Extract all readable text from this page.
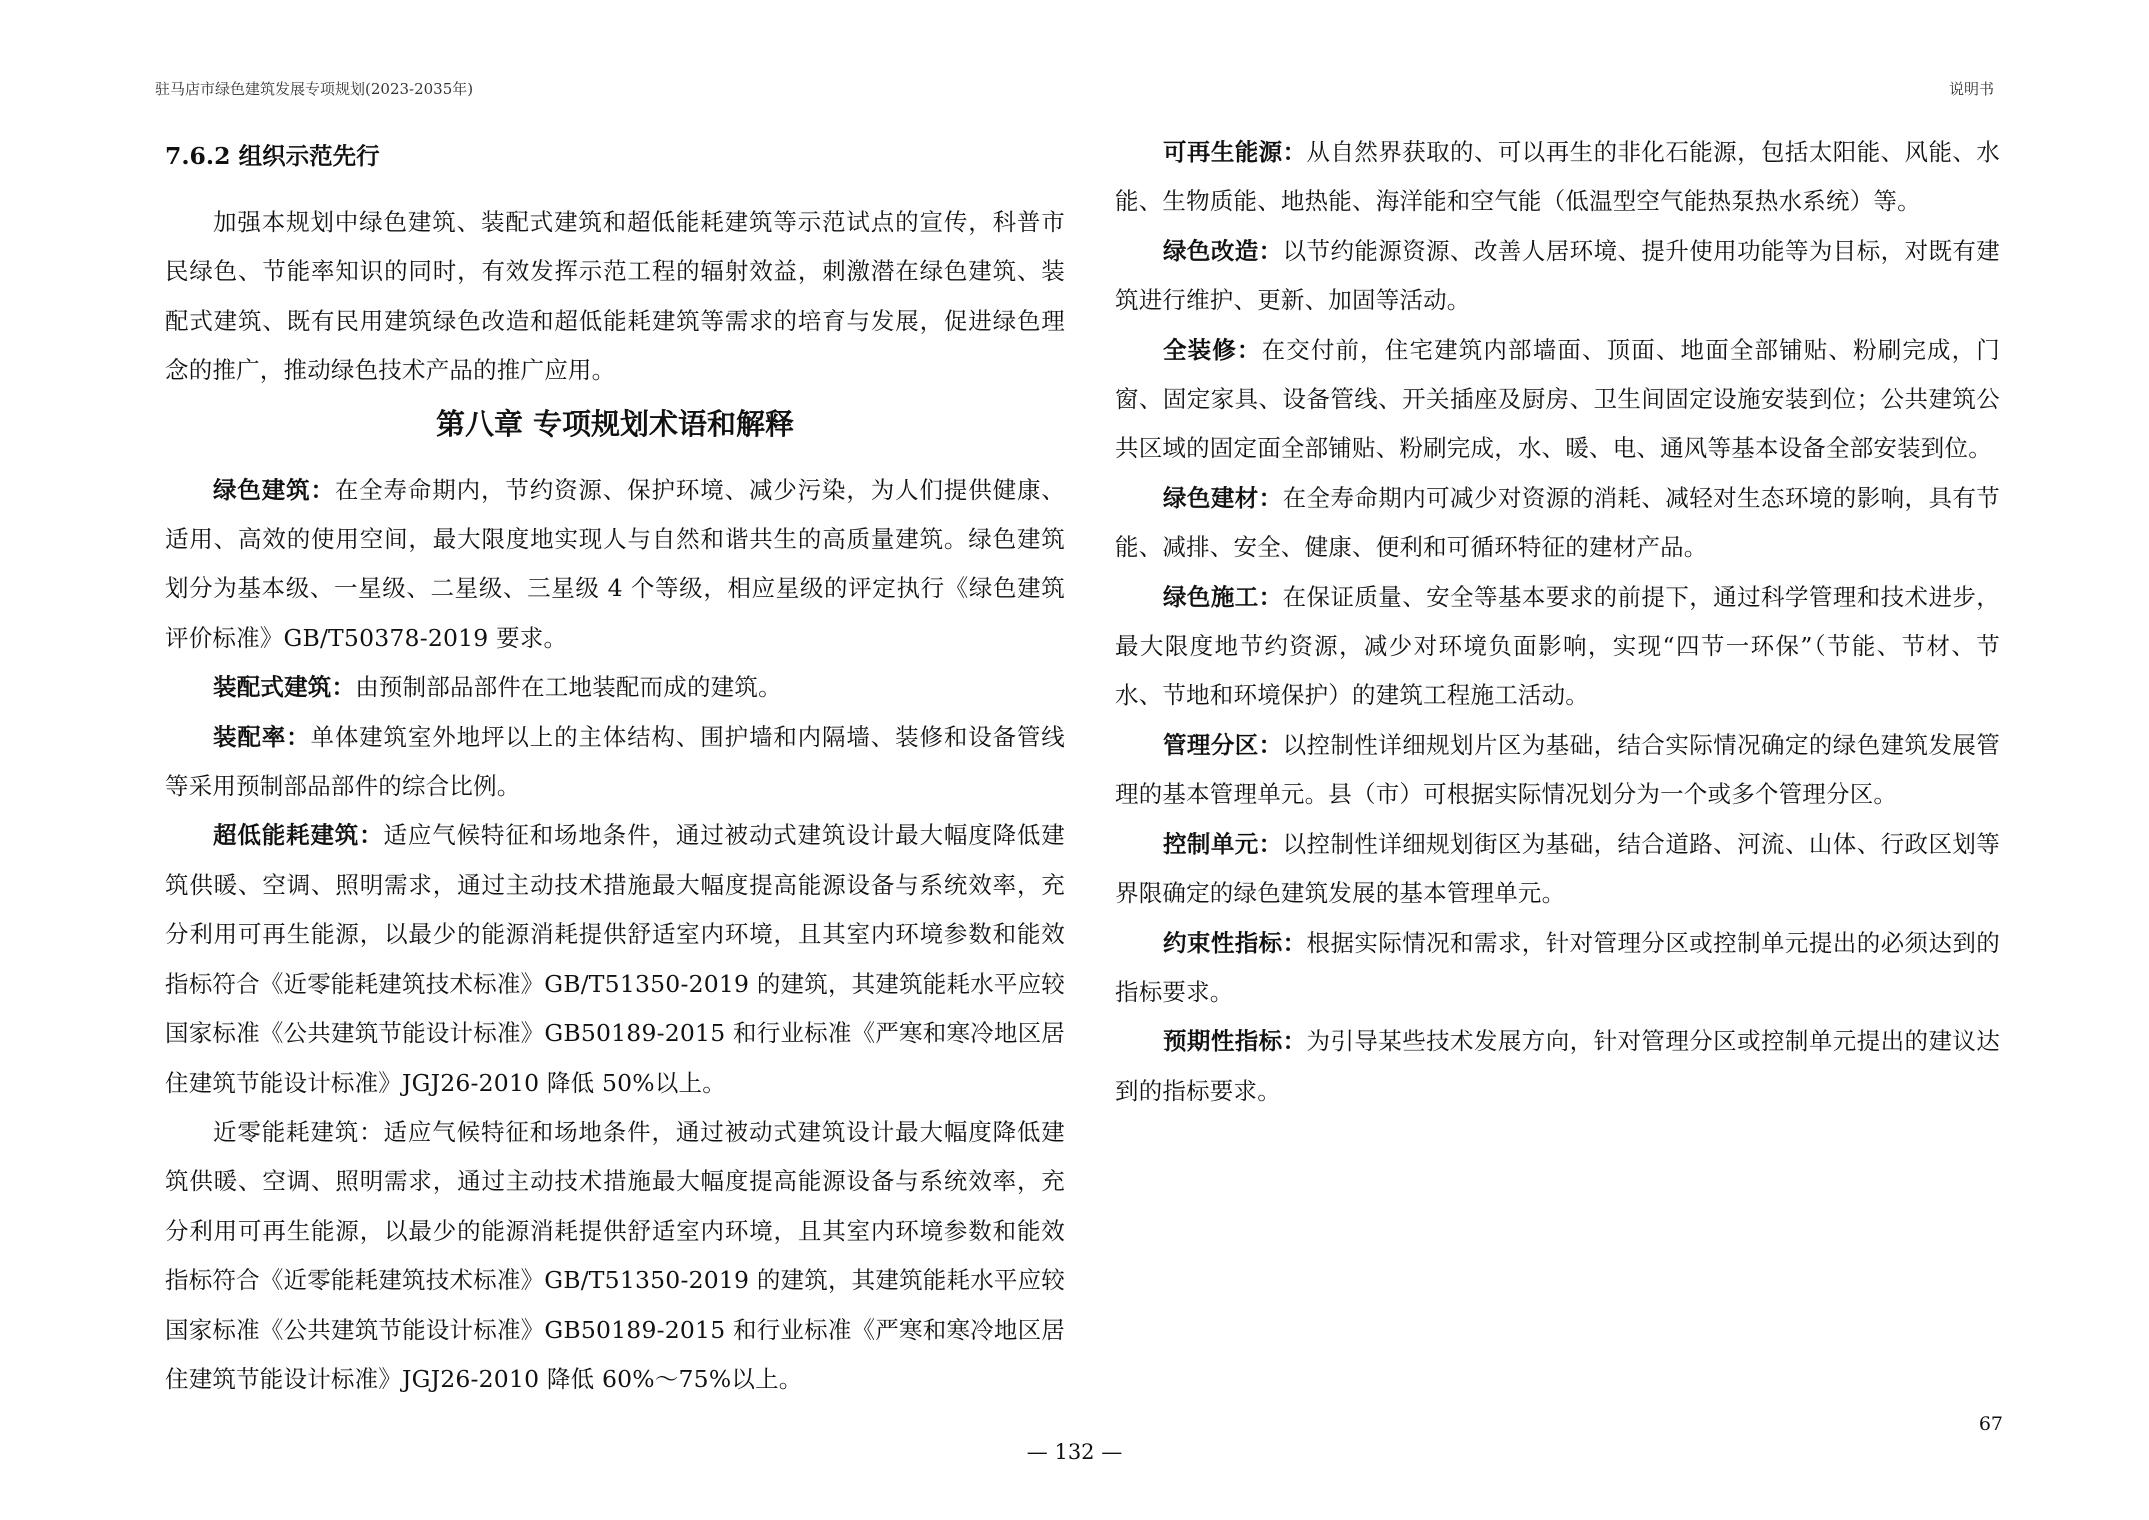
驻马店市绿色建筑发展专项规划(2023-2035年)	说明书
7.6.2 组织示范先行

加强本规划中绿色建筑、装配式建筑和超低能耗建筑等示范试点的宣传，科普市民绿色、节能率知识的同时，有效发挥示范工程的辐射效益，刺激潜在绿色建筑、装配式建筑、既有民用建筑绿色改造和超低能耗建筑等需求的培育与发展，促进绿色理念的推广，推动绿色技术产品的推广应用。

第八章 专项规划术语和解释

绿色建筑：在全寿命期内，节约资源、保护环境、减少污染，为人们提供健康、适用、高效的使用空间，最大限度地实现人与自然和谐共生的高质量建筑。绿色建筑划分为基本级、一星级、二星级、三星级 4 个等级，相应星级的评定执行《绿色建筑评价标准》GB/T50378-2019 要求。

装配式建筑：由预制部品部件在工地装配而成的建筑。

装配率：单体建筑室外地坪以上的主体结构、围护墙和内隔墙、装修和设备管线等采用预制部品部件的综合比例。

超低能耗建筑：适应气候特征和场地条件，通过被动式建筑设计最大幅度降低建筑供暖、空调、照明需求，通过主动技术措施最大幅度提高能源设备与系统效率，充分利用可再生能源，以最少的能源消耗提供舒适室内环境，且其室内环境参数和能效指标符合《近零能耗建筑技术标准》GB/T51350-2019 的建筑，其建筑能耗水平应较国家标准《公共建筑节能设计标准》GB50189-2015 和行业标准《严寒和寒冷地区居住建筑节能设计标准》JGJ26-2010 降低 50%以上。

近零能耗建筑：适应气候特征和场地条件，通过被动式建筑设计最大幅度降低建筑供暖、空调、照明需求，通过主动技术措施最大幅度提高能源设备与系统效率，充分利用可再生能源，以最少的能源消耗提供舒适室内环境，且其室内环境参数和能效指标符合《近零能耗建筑技术标准》GB/T51350-2019 的建筑，其建筑能耗水平应较国家标准《公共建筑节能设计标准》GB50189-2015 和行业标准《严寒和寒冷地区居住建筑节能设计标准》JGJ26-2010 降低 60%～75%以上。

可再生能源：从自然界获取的、可以再生的非化石能源，包括太阳能、风能、水能、生物质能、地热能、海洋能和空气能（低温型空气能热泵热水系统）等。

绿色改造：以节约能源资源、改善人居环境、提升使用功能等为目标，对既有建筑进行维护、更新、加固等活动。

全装修：在交付前，住宅建筑内部墙面、顶面、地面全部铺贴、粉刷完成，门窗、固定家具、设备管线、开关插座及厨房、卫生间固定设施安装到位；公共建筑公共区域的固定面全部铺贴、粉刷完成，水、暖、电、通风等基本设备全部安装到位。

绿色建材：在全寿命期内可减少对资源的消耗、减轻对生态环境的影响，具有节能、减排、安全、健康、便利和可循环特征的建材产品。

绿色施工：在保证质量、安全等基本要求的前提下，通过科学管理和技术进步，最大限度地节约资源，减少对环境负面影响，实现“四节一环保”（节能、节材、节水、节地和环境保护）的建筑工程施工活动。

管理分区：以控制性详细规划片区为基础，结合实际情况确定的绿色建筑发展管理的基本管理单元。县（市）可根据实际情况划分为一个或多个管理分区。

控制单元：以控制性详细规划街区为基础，结合道路、河流、山体、行政区划等界限确定的绿色建筑发展的基本管理单元。

约束性指标：根据实际情况和需求，针对管理分区或控制单元提出的必须达到的指标要求。

预期性指标：为引导某些技术发展方向，针对管理分区或控制单元提出的建议达到的指标要求。

67
— 132 —
